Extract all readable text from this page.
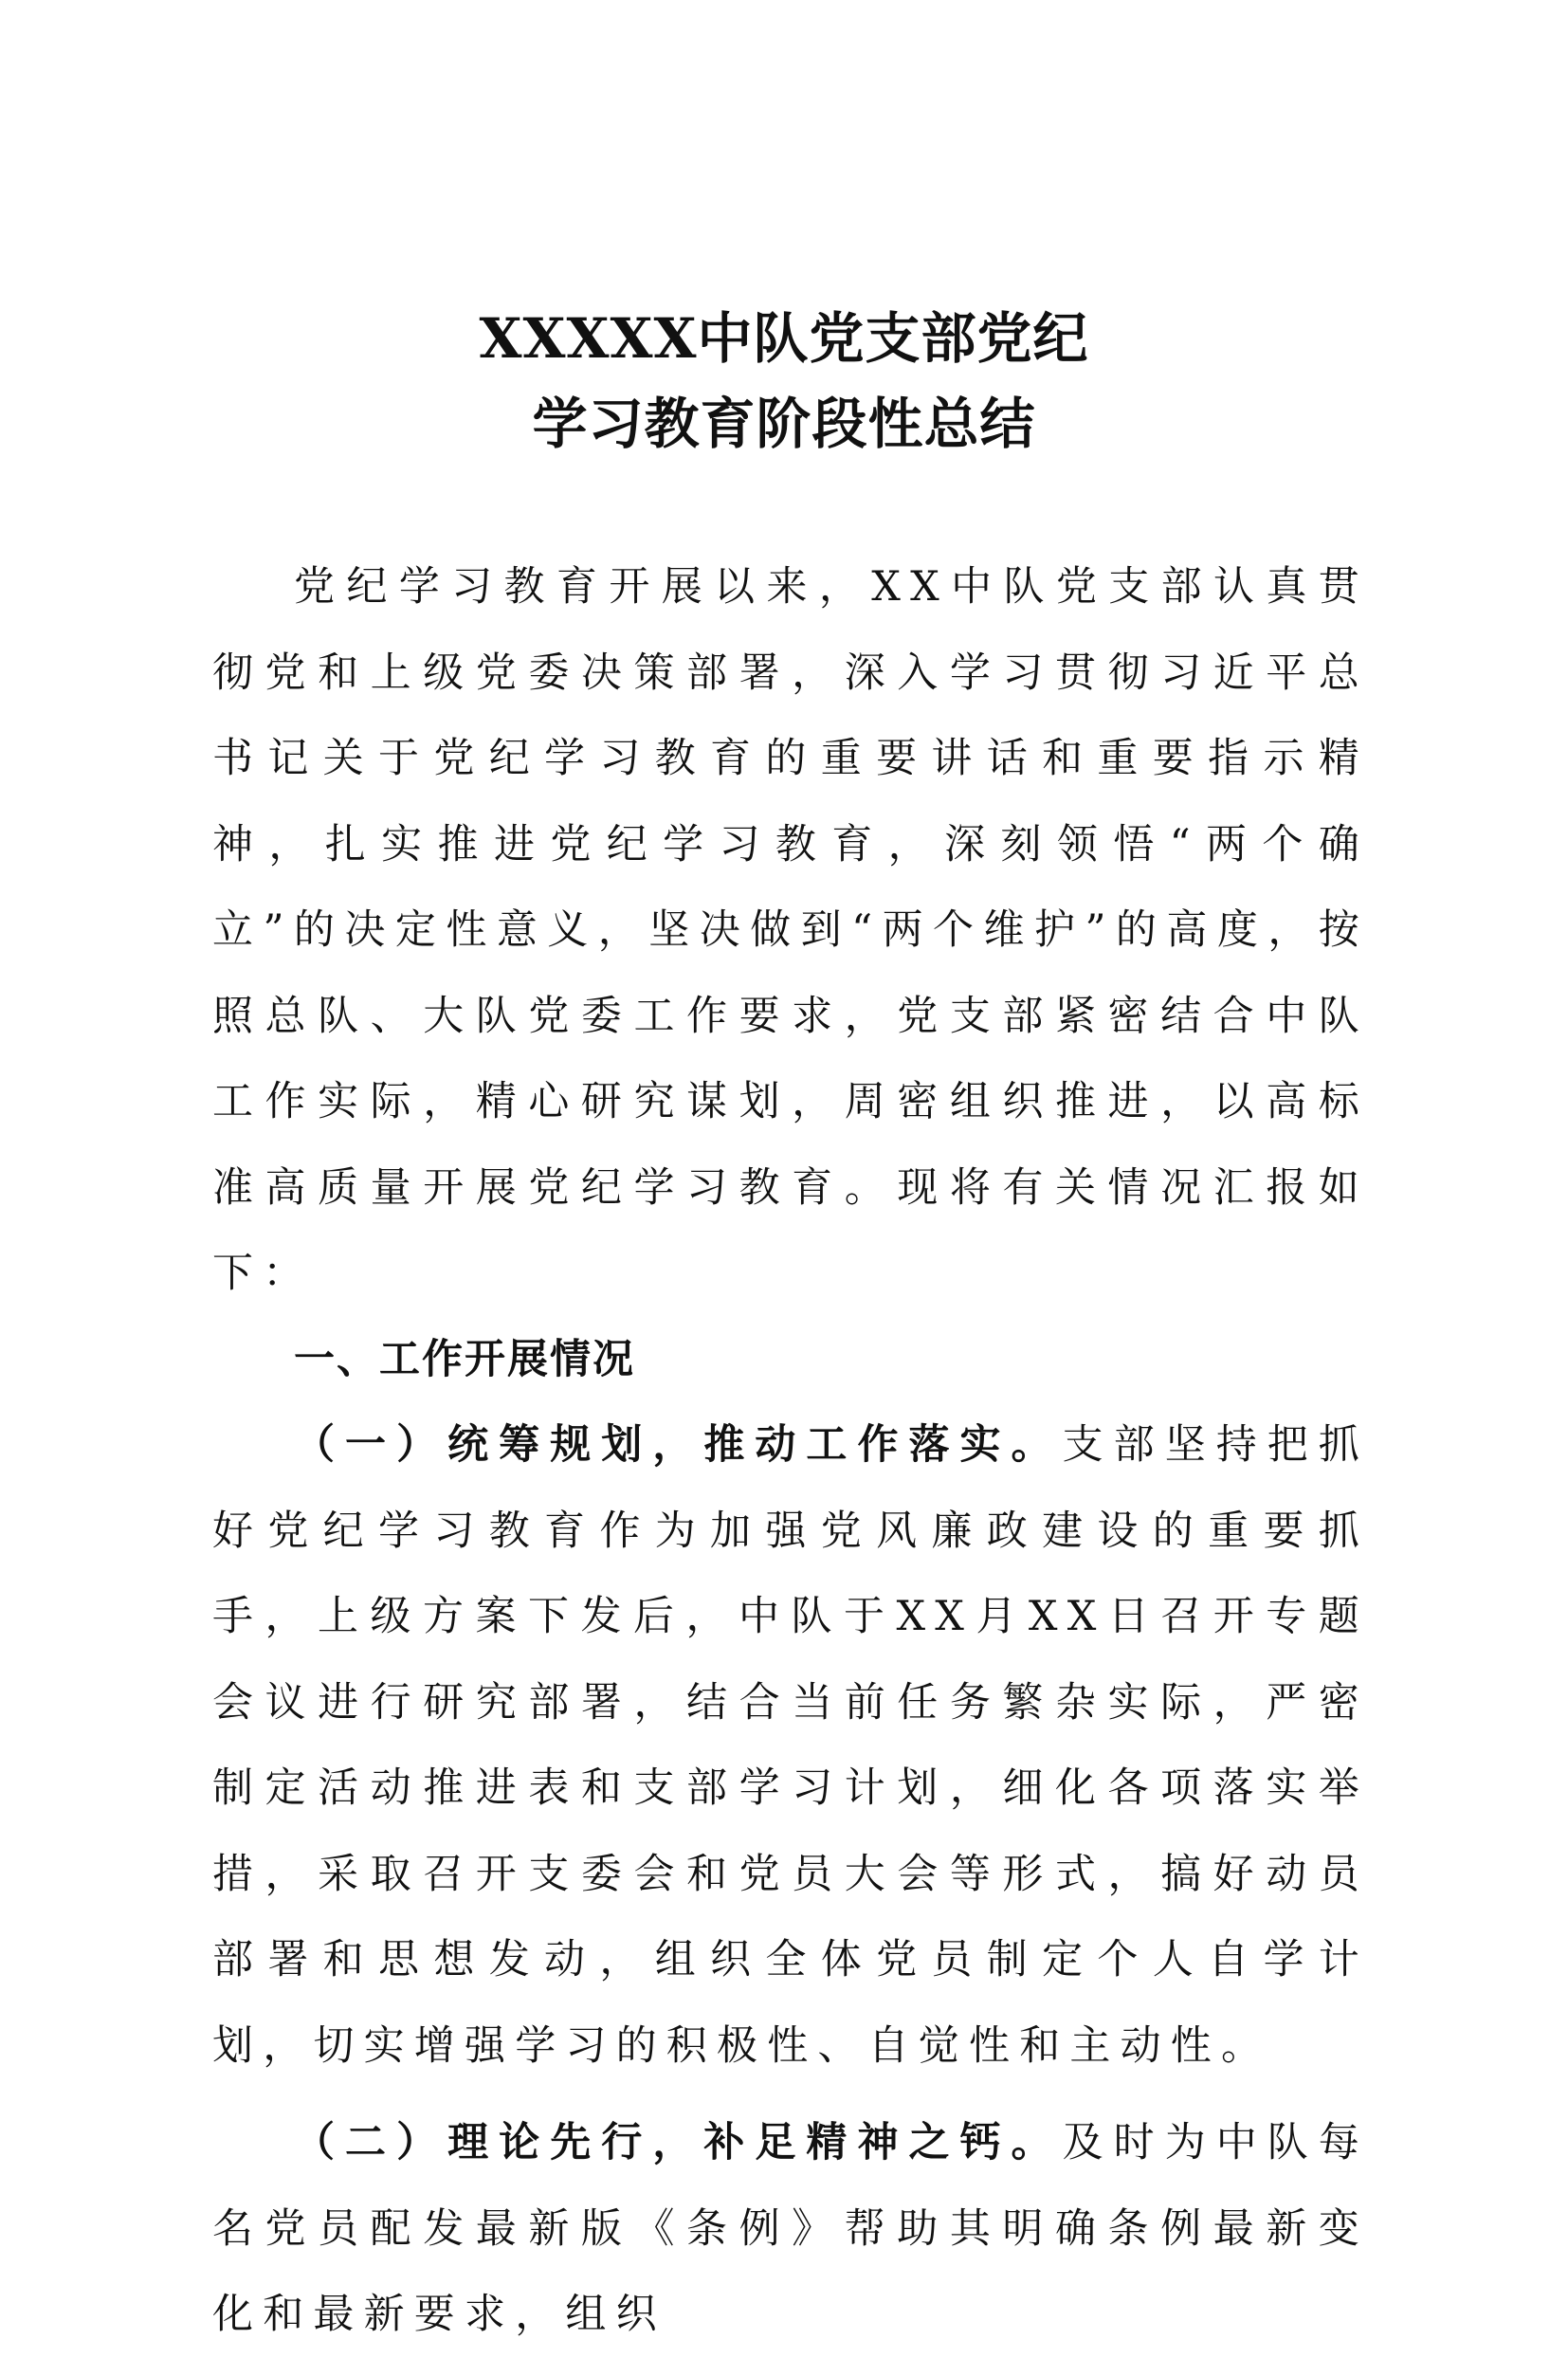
XXXXX中队党支部党纪
学习教育阶段性总结

党纪学习教育开展以来，XX中队党支部认真贯彻党和上级党委决策部署，深入学习贯彻习近平总书记关于党纪学习教育的重要讲话和重要指示精神，扎实推进党纪学习教育，深刻领悟“两个确立”的决定性意义，坚决做到“两个维护”的高度，按照总队、大队党委工作要求，党支部紧密结合中队工作实际，精心研究谋划，周密组织推进，以高标准高质量开展党纪学习教育。现将有关情况汇报如下：

一、工作开展情况

（一）统筹规划，推动工作落实。支部坚持把抓好党纪学习教育作为加强党风廉政建设的重要抓手，上级方案下发后，中队于XX月XX日召开专题会议进行研究部署，结合当前任务繁杂实际，严密制定活动推进表和支部学习计划，细化各项落实举措，采取召开支委会和党员大会等形式，搞好动员部署和思想发动，组织全体党员制定个人自学计划，切实增强学习的积极性、自觉性和主动性。

（二）理论先行，补足精神之钙。及时为中队每名党员配发最新版《条例》帮助其明确条例最新变化和最新要求，组织
